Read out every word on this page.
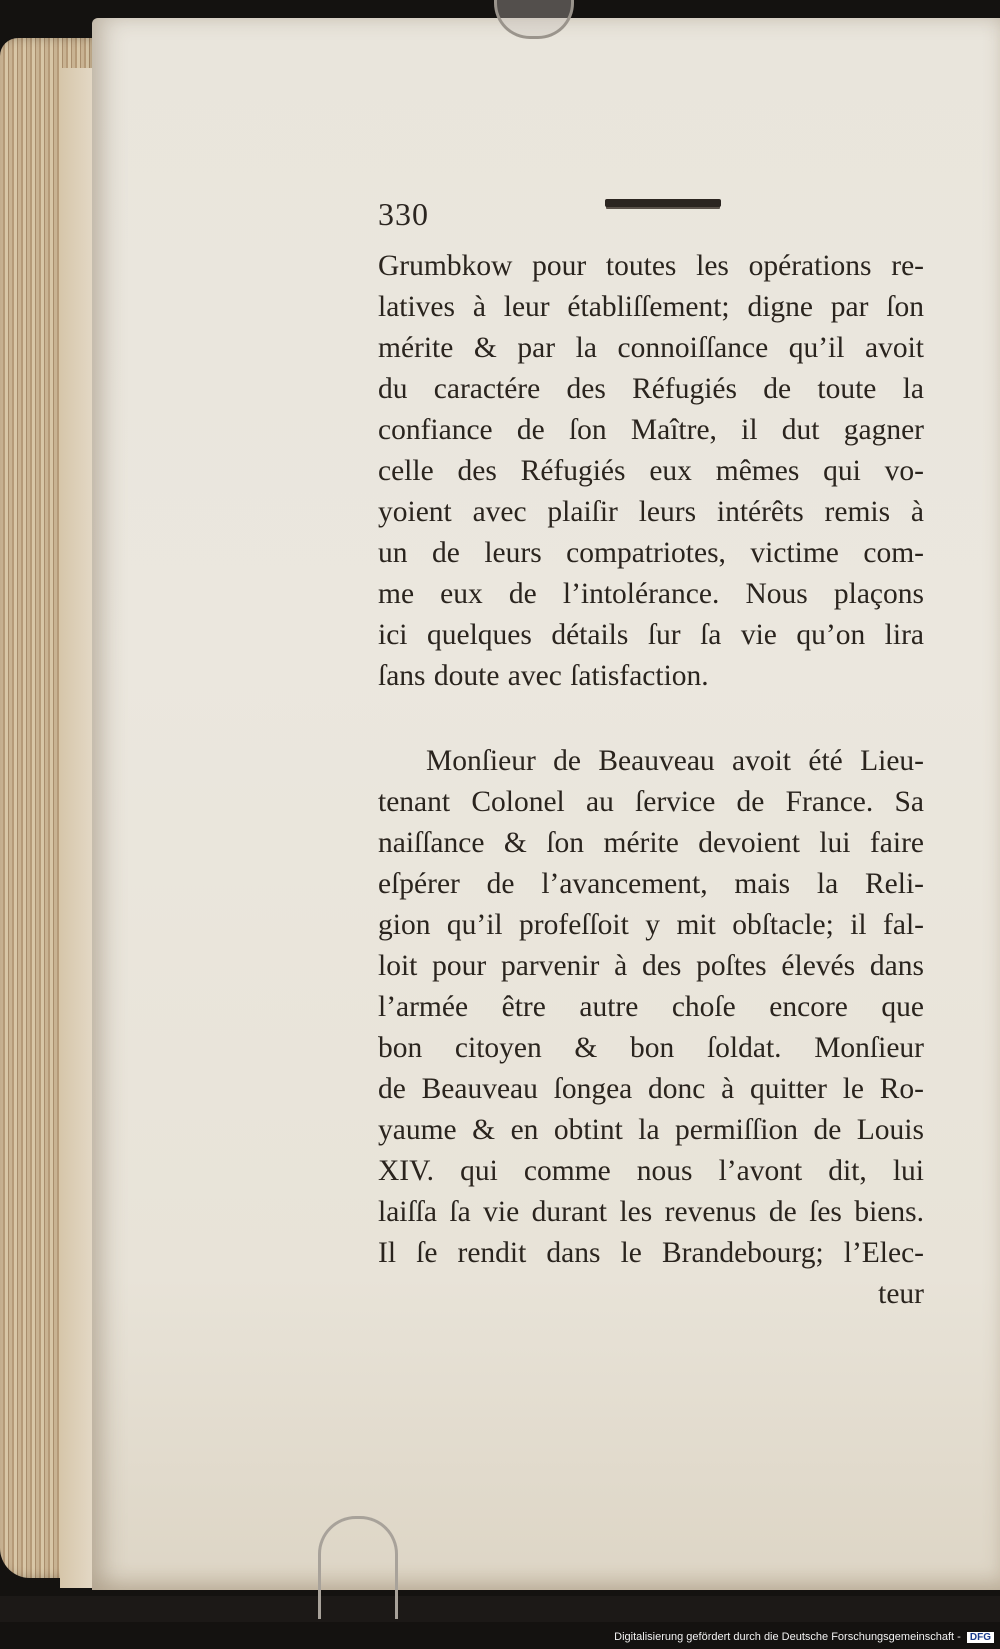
330
Grumbkow pour toutes les opérations re-
latives à leur établiſſement; digne par ſon
mérite & par la connoiſſance qu’il avoit
du caractére des Réfugiés de toute la
confiance de ſon Maître, il dut gagner
celle des Réfugiés eux mêmes qui vo-
yoient avec plaiſir leurs intérêts remis à
un de leurs compatriotes, victime com-
me eux de l’intolérance. Nous plaçons
ici quelques détails ſur ſa vie qu’on lira
ſans doute avec ſatisfaction.
Monſieur de Beauveau avoit été Lieu-
tenant Colonel au ſervice de France. Sa
naiſſance & ſon mérite devoient lui faire
eſpérer de l’avancement, mais la Reli-
gion qu’il profeſſoit y mit obſtacle; il fal-
loit pour parvenir à des poſtes élevés dans
l’armée être autre choſe encore que
bon citoyen & bon ſoldat. Monſieur
de Beauveau ſongea donc à quitter le Ro-
yaume & en obtint la permiſſion de Louis
XIV. qui comme nous l’avont dit, lui
laiſſa ſa vie durant les revenus de ſes biens.
Il ſe rendit dans le Brandebourg; l’Elec-
teur
Digitalisierung gefördert durch die Deutsche Forschungsgemeinschaft - DFG
